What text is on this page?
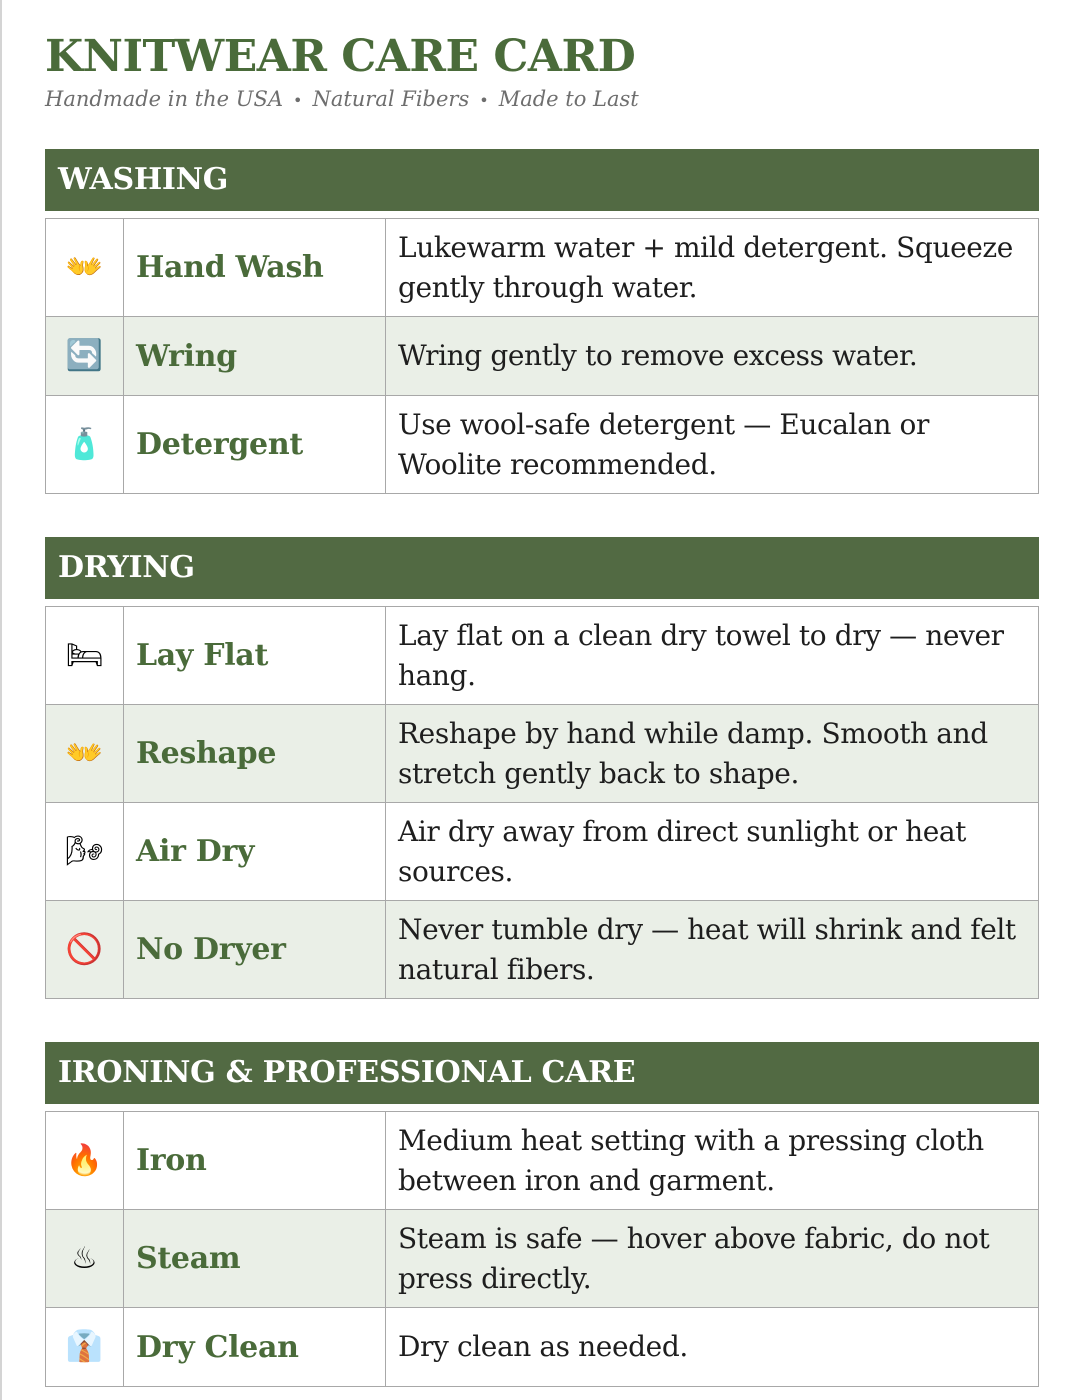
KNITWEAR CARE CARD
Handmade in the USA • Natural Fibers • Made to Last
WASHING
👐	Hand Wash	Lukewarm water + mild detergent. Squeeze gently through water.
🔄	Wring	Wring gently to remove excess water.
🧴	Detergent	Use wool-safe detergent — Eucalan or Woolite recommended.
DRYING
🛏	Lay Flat	Lay flat on a clean dry towel to dry — never hang.
👐	Reshape	Reshape by hand while damp. Smooth and stretch gently back to shape.
🌬	Air Dry	Air dry away from direct sunlight or heat sources.
🚫	No Dryer	Never tumble dry — heat will shrink and felt natural fibers.
IRONING & PROFESSIONAL CARE
🔥	Iron	Medium heat setting with a pressing cloth between iron and garment.
♨	Steam	Steam is safe — hover above fabric, do not press directly.
👔	Dry Clean	Dry clean as needed.
